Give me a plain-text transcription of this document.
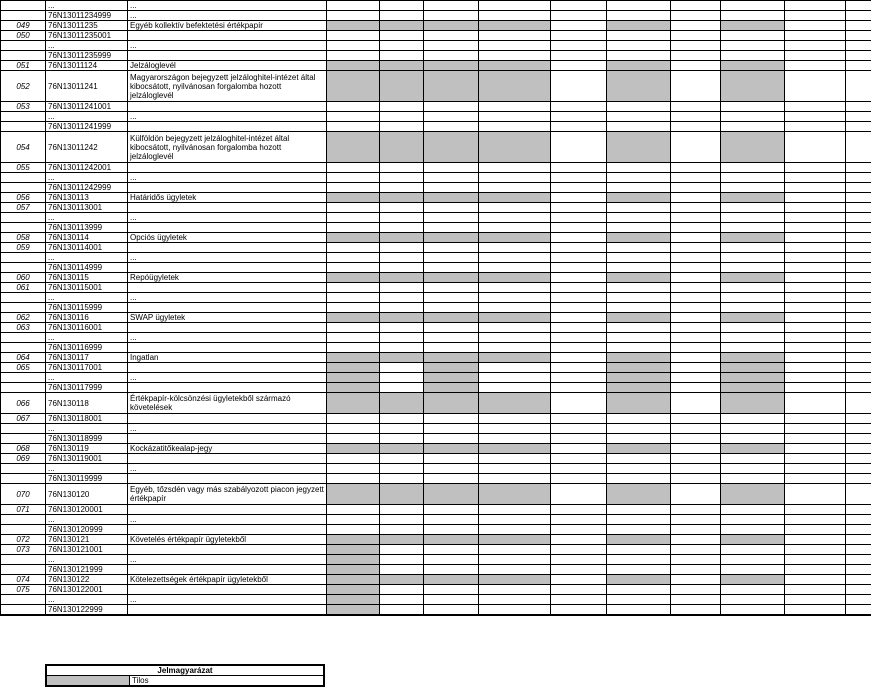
	...	...										
	76N13011234999	...										
049	76N13011235	Egyéb kollektív befektetési értékpapír										
050	76N13011235001											
	...	...										
	76N13011235999											
051	76N13011124	Jelzáloglevél										
052	76N13011241	Magyarországon bejegyzett jelzáloghitel-intézet által kibocsátott, nyilvánosan forgalomba hozott jelzáloglevél										
053	76N13011241001											
	...	...										
	76N13011241999											
054	76N13011242	Külföldön bejegyzett jelzáloghitel-intézet által kibocsátott, nyilvánosan forgalomba hozott jelzáloglevél										
055	76N13011242001											
	...	...										
	76N13011242999											
056	76N130113	Határidős ügyletek										
057	76N130113001											
	...	...										
	76N130113999											
058	76N130114	Opciós ügyletek										
059	76N130114001											
	...	...										
	76N130114999											
060	76N130115	Repóügyletek										
061	76N130115001											
	...	...										
	76N130115999											
062	76N130116	SWAP ügyletek										
063	76N130116001											
	...	...										
	76N130116999											
064	76N130117	Ingatlan										
065	76N130117001											
	...	...										
	76N130117999											
066	76N130118	Értékpapír-kölcsönzési ügyletekből származó követelések										
067	76N130118001											
	...	...										
	76N130118999											
068	76N130119	Kockázatitőkealap-jegy										
069	76N130119001											
	...	...										
	76N130119999											
070	76N130120	Egyéb, tőzsdén vagy más szabályozott piacon jegyzett értékpapír										
071	76N130120001											
	...	...										
	76N130120999											
072	76N130121	Követelés értékpapír ügyletekből										
073	76N130121001											
	...	...										
	76N130121999											
074	76N130122	Kötelezettségek értékpapír ügyletekből										
075	76N130122001											
	...	...										
	76N130122999											
Jelmagyarázat
	Tilos
